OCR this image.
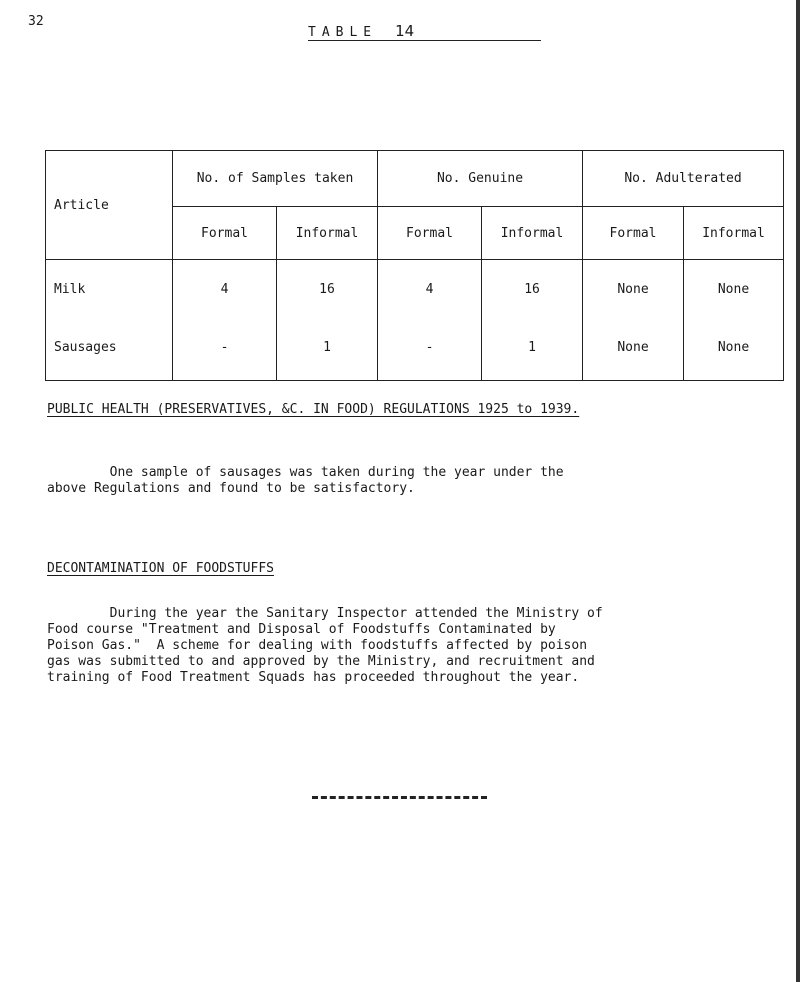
32
TABLE 14
Article	No. of Samples taken		No. Genuine		No. Adulterated	
	Formal	Informal	Formal	Informal	Formal	Informal
Milk	4	16	4	16	None	None
Sausages	-	1	-	1	None	None
PUBLIC HEALTH (PRESERVATIVES, &C. IN FOOD) REGULATIONS 1925 to 1939.
One sample of sausages was taken during the year under the
above Regulations and found to be satisfactory.
DECONTAMINATION OF FOODSTUFFS
During the year the Sanitary Inspector attended the Ministry of
Food course "Treatment and Disposal of Foodstuffs Contaminated by
Poison Gas."  A scheme for dealing with foodstuffs affected by poison
gas was submitted to and approved by the Ministry, and recruitment and
training of Food Treatment Squads has proceeded throughout the year.
